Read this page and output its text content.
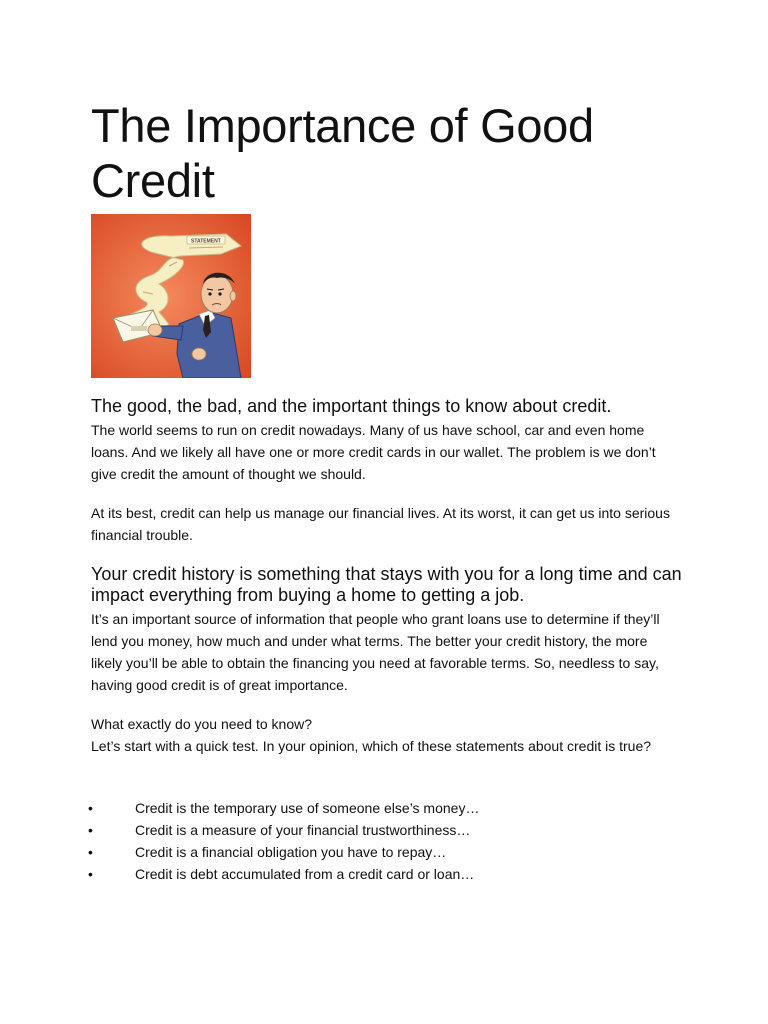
The Importance of Good Credit
STATEMENT
The good, the bad, and the important things to know about credit.

The world seems to run on credit nowadays. Many of us have school, car and even home loans. And we likely all have one or more credit cards in our wallet. The problem is we don’t give credit the amount of thought we should.

At its best, credit can help us manage our financial lives. At its worst, it can get us into serious financial trouble.

Your credit history is something that stays with you for a long time and can impact everything from buying a home to getting a job.

It’s an important source of information that people who grant loans use to determine if they’ll lend you money, how much and under what terms. The better your credit history, the more likely you’ll be able to obtain the financing you need at favorable terms. So, needless to say, having good credit is of great importance.

What exactly do you need to know?

Let’s start with a quick test. In your opinion, which of these statements about credit is true?

•	Credit is the temporary use of someone else’s money…
•	Credit is a measure of your financial trustworthiness…
•	Credit is a financial obligation you have to repay…
•	Credit is debt accumulated from a credit card or loan…
